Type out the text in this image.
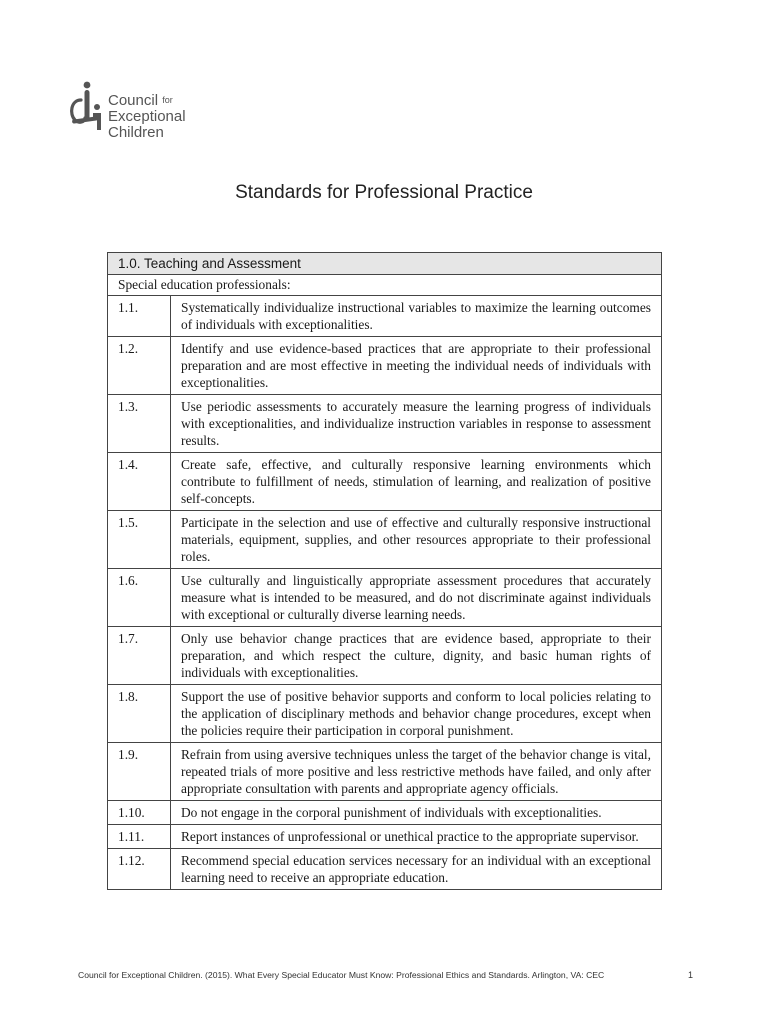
Council for
Exceptional
Children
Standards for Professional Practice
1.0. Teaching and Assessment	
Special education professionals:	
1.1.	Systematically individualize instructional variables to maximize the learning outcomes of individuals with exceptionalities.
1.2.	Identify and use evidence-based practices that are appropriate to their professional preparation and are most effective in meeting the individual needs of individuals with exceptionalities.
1.3.	Use periodic assessments to accurately measure the learning progress of individuals with exceptionalities, and individualize instruction variables in response to assessment results.
1.4.	Create safe, effective, and culturally responsive learning environments which contribute to fulfillment of needs, stimulation of learning, and realization of positive self-concepts.
1.5.	Participate in the selection and use of effective and culturally responsive instructional materials, equipment, supplies, and other resources appropriate to their professional roles.
1.6.	Use culturally and linguistically appropriate assessment procedures that accurately measure what is intended to be measured, and do not discriminate against individuals with exceptional or culturally diverse learning needs.
1.7.	Only use behavior change practices that are evidence based, appropriate to their preparation, and which respect the culture, dignity, and basic human rights of individuals with exceptionalities.
1.8.	Support the use of positive behavior supports and conform to local policies relating to the application of disciplinary methods and behavior change procedures, except when the policies require their participation in corporal punishment.
1.9.	Refrain from using aversive techniques unless the target of the behavior change is vital, repeated trials of more positive and less restrictive methods have failed, and only after appropriate consultation with parents and appropriate agency officials.
1.10.	Do not engage in the corporal punishment of individuals with exceptionalities.
1.11.	Report instances of unprofessional or unethical practice to the appropriate supervisor.
1.12.	Recommend special education services necessary for an individual with an exceptional learning need to receive an appropriate education.
Council for Exceptional Children. (2015). What Every Special Educator Must Know: Professional Ethics and Standards. Arlington, VA: CEC	1
